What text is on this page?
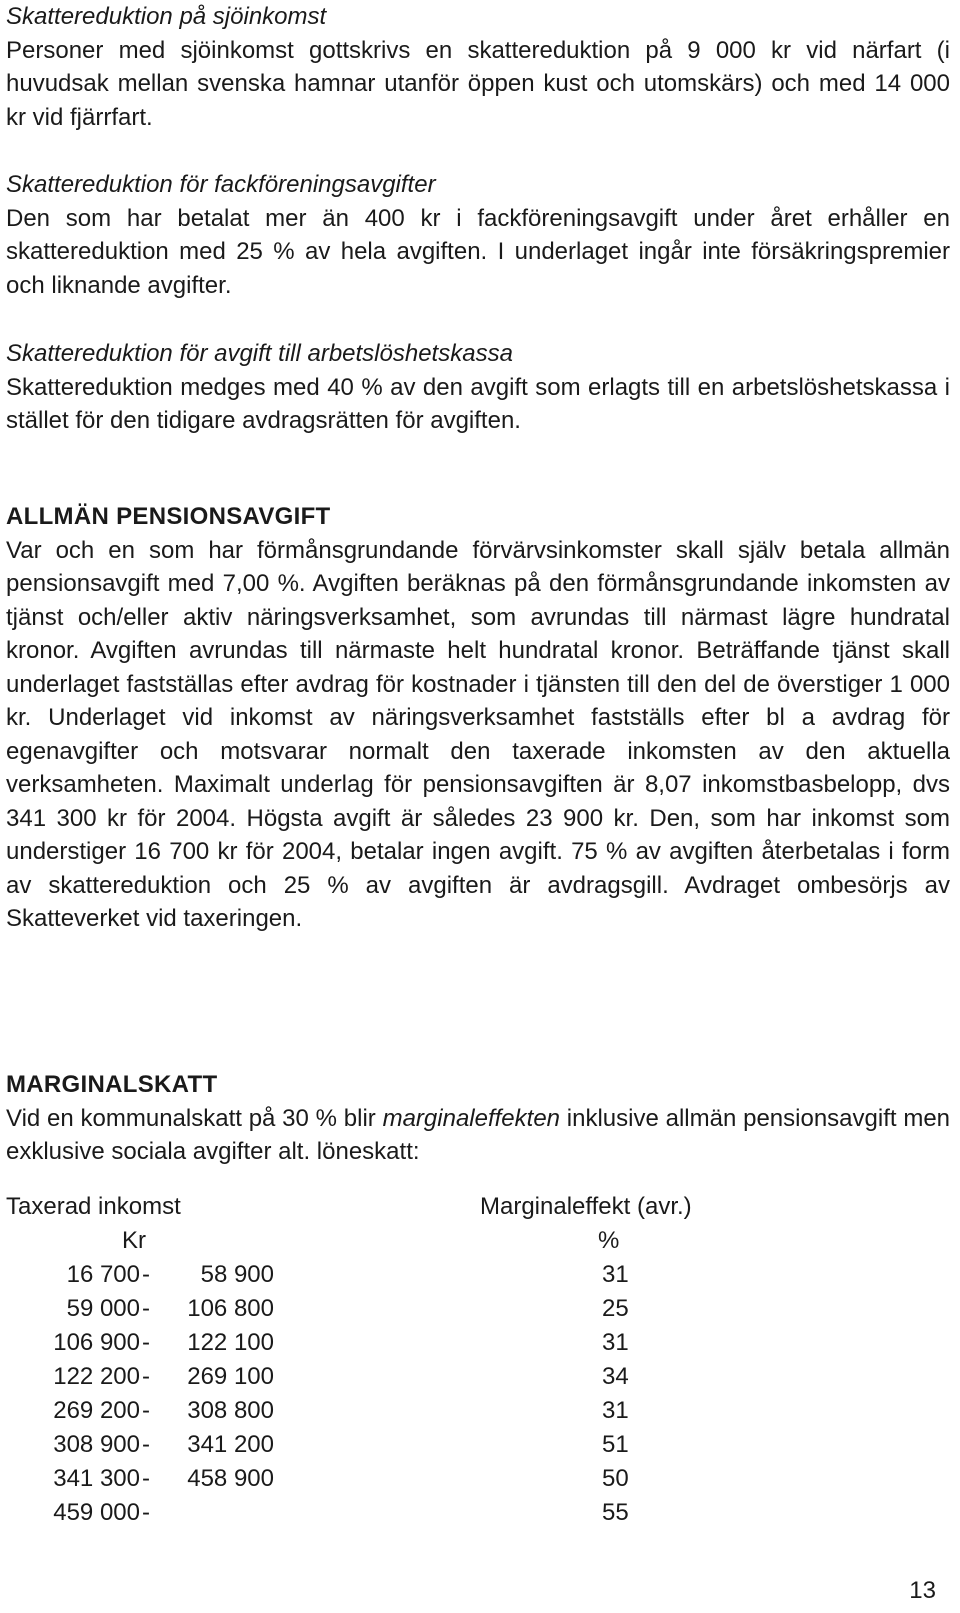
Skattereduktion på sjöinkomst

Personer med sjöinkomst gottskrivs en skattereduktion på 9 000 kr vid närfart (i huvudsak mellan svenska hamnar utanför öppen kust och utomskärs) och med 14 000 kr vid fjärrfart.

Skattereduktion för fackföreningsavgifter

Den som har betalat mer än 400 kr i fackföreningsavgift under året erhåller en skattereduktion med 25 % av hela avgiften. I underlaget ingår inte försäkringspremier och liknande avgifter.

Skattereduktion för avgift till arbetslöshetskassa

Skattereduktion medges med 40 % av den avgift som erlagts till en arbetslöshetskassa i stället för den tidigare avdragsrätten för avgiften.

ALLMÄN PENSIONSAVGIFT

Var och en som har förmånsgrundande förvärvsinkomster skall själv betala allmän pensionsavgift med 7,00 %. Avgiften beräknas på den förmånsgrundande inkomsten av tjänst och/eller aktiv näringsverksamhet, som avrundas till närmast lägre hundratal kronor. Avgiften avrundas till närmaste helt hundratal kronor. Beträffande tjänst skall underlaget fastställas efter avdrag för kostnader i tjänsten till den del de överstiger 1 000 kr. Underlaget vid inkomst av näringsverksamhet fastställs efter bl a avdrag för egenavgifter och motsvarar normalt den taxerade inkomsten av den aktuella verksamheten. Maximalt underlag för pensionsavgiften är 8,07 inkomstbasbelopp, dvs 341 300 kr för 2004. Högsta avgift är således 23 900 kr. Den, som har inkomst som understiger 16 700 kr för 2004, betalar ingen avgift. 75 % av avgiften återbetalas i form av skattereduktion och 25 % av avgiften är avdragsgill. Avdraget ombesörjs av Skatteverket vid taxeringen.

MARGINALSKATT

Vid en kommunalskatt på 30 % blir marginaleffekten inklusive allmän pensionsavgift men exklusive sociala avgifter alt. löneskatt:

Taxerad inkomst	Marginaleffekt (avr.)
Kr	%
16 700 - 58 900	31
59 000 - 106 800	25
106 900 - 122 100	31
122 200 - 269 100	34
269 200 - 308 800	31
308 900 - 341 200	51
341 300 - 458 900	50
459 000 -	55
13
